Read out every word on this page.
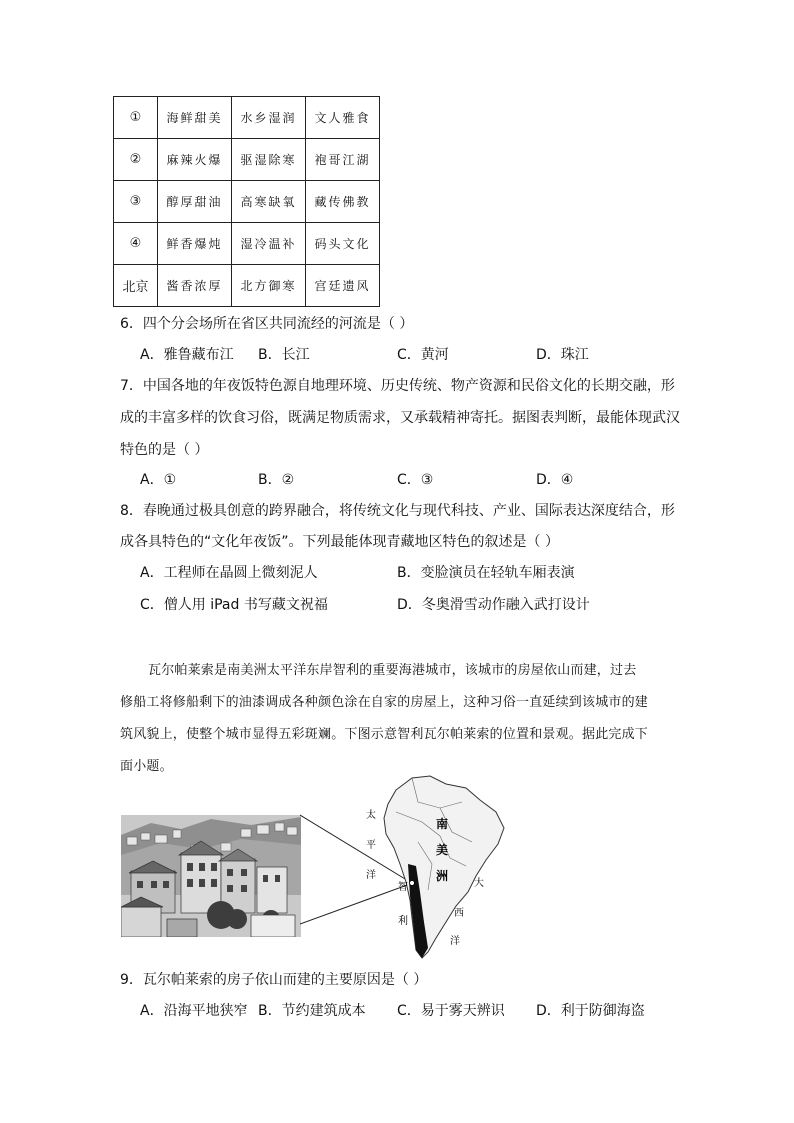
①	海鲜甜美	水乡湿润	文人雅食
②	麻辣火爆	驱湿除寒	袍哥江湖
③	醇厚甜油	高寒缺氧	藏传佛教
④	鲜香爆炖	湿冷温补	码头文化
北京	酱香浓厚	北方御寒	宫廷遗风
6．四个分会场所在省区共同流经的河流是（ ）
A．雅鲁藏布江 B．长江	C．黄河	D．珠江
7．中国各地的年夜饭特色源自地理环境、历史传统、物产资源和民俗文化的长期交融，形
成的丰富多样的饮食习俗，既满足物质需求，又承载精神寄托。据图表判断，最能体现武汉
特色的是（ ）
A．①	B．②	C．③	D．④
8．春晚通过极具创意的跨界融合，将传统文化与现代科技、产业、国际表达深度结合，形
成各具特色的“文化年夜饭”。下列最能体现青藏地区特色的叙述是（ ）
A．工程师在晶圆上微刻泥人	B．变脸演员在轻轨车厢表演
C．僧人用 iPad 书写藏文祝福	D．冬奥滑雪动作融入武打设计
瓦尔帕莱索是南美洲太平洋东岸智利的重要海港城市，该城市的房屋依山而建，过去
修船工将修船剩下的油漆调成各种颜色涂在自家的房屋上，这种习俗一直延续到该城市的建
筑风貌上，使整个城市显得五彩斑斓。下图示意智利瓦尔帕莱索的位置和景观。据此完成下
面小题。
南
美
洲
太
平
洋
大
西
洋
智
利
9．瓦尔帕莱索的房子依山而建的主要原因是（ ）
A．沿海平地狭窄 B．节约建筑成本 C．易于雾天辨识 D．利于防御海盗
